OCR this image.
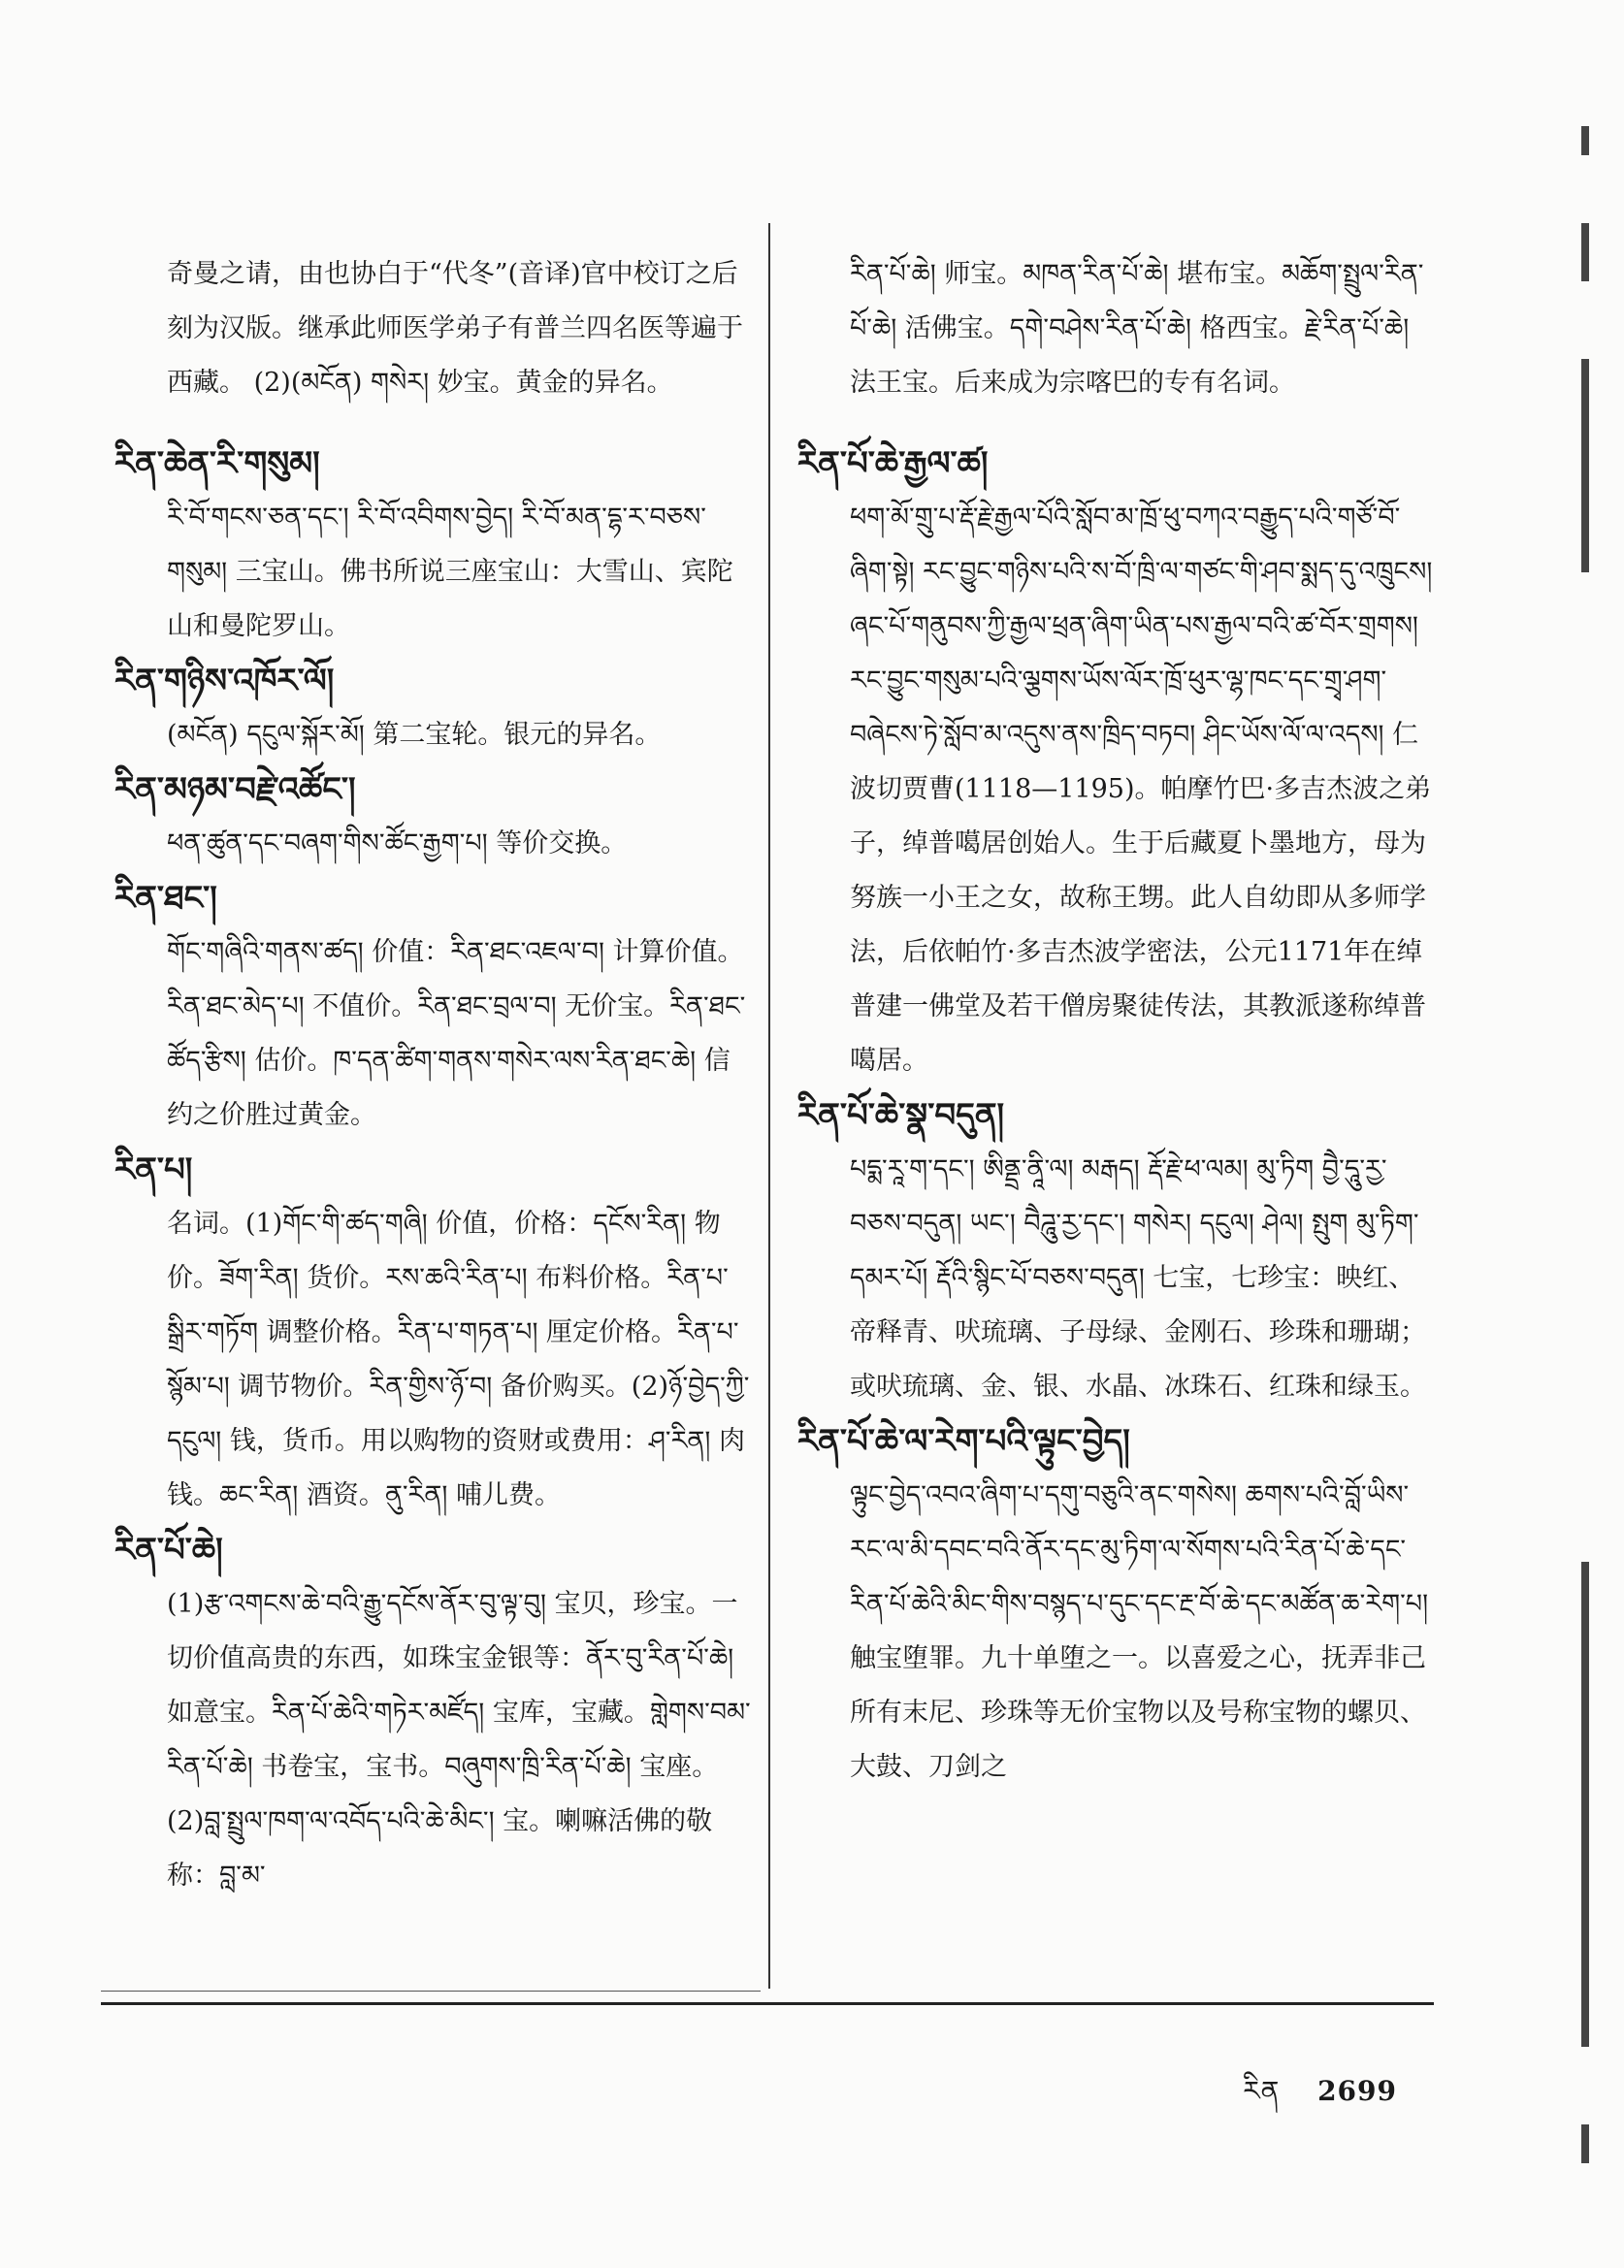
奇曼之请，由也协白于“代冬”(音译)官中校订之后刻为汉版。继承此师医学弟子有普兰四名医等遍于西藏。 (2)(མངོན) གསེར། 妙宝。黄金的异名。

རིན་ཆེན་རི་གསུམ།

རི་བོ་གངས་ཅན་དང་། རི་བོ་འབིགས་བྱེད། རི་བོ་མན་དྷ་ར་བཅས་གསུམ། 三宝山。佛书所说三座宝山：大雪山、宾陀山和曼陀罗山。

རིན་གཉིས་འཁོར་ལོ།

(མངོན) དངུལ་སྐོར་མོ། 第二宝轮。银元的异名。

རིན་མཉམ་བརྗེ་འཚོང་།

ཕན་ཚུན་དང་བཞག་གིས་ཚོང་རྒྱག་པ། 等价交换。

རིན་ཐང་།

གོང་གཞིའི་གནས་ཚད། 价值：རིན་ཐང་འཇལ་བ། 计算价值。རིན་ཐང་མེད་པ། 不值价。རིན་ཐང་བྲལ་བ། 无价宝。རིན་ཐང་ཚོད་རྩིས། 估价。ཁ་དན་ཚིག་གནས་གསེར་ལས་རིན་ཐང་ཆེ། 信约之价胜过黄金。

རིན་པ།

名词。(1)གོང་གི་ཚད་གཞི། 价值，价格：དངོས་རིན། 物价。ཟོག་རིན། 货价。རས་ཆའི་རིན་པ། 布料价格。རིན་པ་སྒྲིར་གཏོག 调整价格。རིན་པ་གཏན་པ། 厘定价格。རིན་པ་སྙོམ་པ། 调节物价。རིན་གྱིས་ཉོ་བ། 备价购买。(2)ཉོ་བྱེད་ཀྱི་དངུལ། 钱，货币。用以购物的资财或费用：ཤ་རིན། 肉钱。ཆང་རིན། 酒资。ནུ་རིན། 哺儿费。

རིན་པོ་ཆེ།

(1)རྩ་འགངས་ཆེ་བའི་རྒྱུ་དངོས་ནོར་བུ་ལྟ་བུ། 宝贝，珍宝。一切价值高贵的东西，如珠宝金银等：ནོར་བུ་རིན་པོ་ཆེ། 如意宝。རིན་པོ་ཆེའི་གཏེར་མཛོད། 宝库，宝藏。གླེགས་བམ་རིན་པོ་ཆེ། 书卷宝，宝书。བཞུགས་ཁྲི་རིན་པོ་ཆེ། 宝座。 (2)བླ་སྤྲུལ་ཁག་ལ་འབོད་པའི་ཆེ་མིང་། 宝。喇嘛活佛的敬称：བླ་མ་

རིན་པོ་ཆེ། 师宝。མཁན་རིན་པོ་ཆེ། 堪布宝。མཆོག་སྤྲུལ་རིན་པོ་ཆེ། 活佛宝。དགེ་བཤེས་རིན་པོ་ཆེ། 格西宝。རྗེ་རིན་པོ་ཆེ། 法王宝。后来成为宗喀巴的专有名词。

རིན་པོ་ཆེ་རྒྱལ་ཚ།

ཕག་མོ་གྲུ་པ་རྡོ་རྗེ་རྒྱལ་པོའི་སློབ་མ་ཁྲོ་ཕུ་བཀའ་བརྒྱུད་པའི་གཙོ་བོ་ཞིག་སྟེ། རང་བྱུང་གཉིས་པའི་ས་བོ་ཁྲི་ལ་གཙང་གི་ཤབ་སྨད་དུ་འཁྲུངས། ཞང་པོ་གནུབས་ཀྱི་རྒྱལ་ཕྲན་ཞིག་ཡིན་པས་རྒྱལ་བའི་ཚ་བོར་གྲགས། རང་བྱུང་གསུམ་པའི་ལྕགས་ཡོས་ལོར་ཁྲོ་ཕུར་ལྷ་ཁང་དང་གྲྭ་ཤག་བཞེངས་ཏེ་སློབ་མ་འདུས་ནས་ཁྲིད་བཏབ། ཤིང་ཡོས་ལོ་ལ་འདས། 仁波切贾曹(1118—1195)。帕摩竹巴·多吉杰波之弟子，绰普噶居创始人。生于后藏夏卜墨地方，母为努族一小王之女，故称王甥。此人自幼即从多师学法，后依帕竹·多吉杰波学密法，公元1171年在绰普建一佛堂及若干僧房聚徒传法，其教派遂称绰普噶居。

རིན་པོ་ཆེ་སྣ་བདུན།

པདྨ་རཱ་ག་དང་། ཨིནྡྲ་ནཱི་ལ། མརྒད། རྡོ་རྗེ་ཕ་ལམ། མུ་ཏིག བྱཻ་དཱུ་རྱ་བཅས་བདུན། ཡང་། བཻཌཱུ་རྱ་དང་། གསེར། དངུལ། ཤེལ། སྤུག མུ་ཏིག་དམར་པོ། རྡོའི་སྙིང་པོ་བཅས་བདུན། 七宝，七珍宝：映红、帝释青、吠琉璃、子母绿、金刚石、珍珠和珊瑚；或吠琉璃、金、银、水晶、冰珠石、红珠和绿玉。

རིན་པོ་ཆེ་ལ་རེག་པའི་ལྟུང་བྱེད།

ལྟུང་བྱེད་འབའ་ཞིག་པ་དགུ་བཅུའི་ནང་གསེས། ཆགས་པའི་བློ་ཡིས་རང་ལ་མི་དབང་བའི་ནོར་དང་མུ་ཏིག་ལ་སོགས་པའི་རིན་པོ་ཆེ་དང་རིན་པོ་ཆེའི་མིང་གིས་བསྙད་པ་དུང་དང་རྔ་བོ་ཆེ་དང་མཚོན་ཆ་རེག་པ། 触宝堕罪。九十单堕之一。以喜爱之心，抚弄非己所有末尼、珍珠等无价宝物以及号称宝物的螺贝、大鼓、刀剑之

རིན 2699
